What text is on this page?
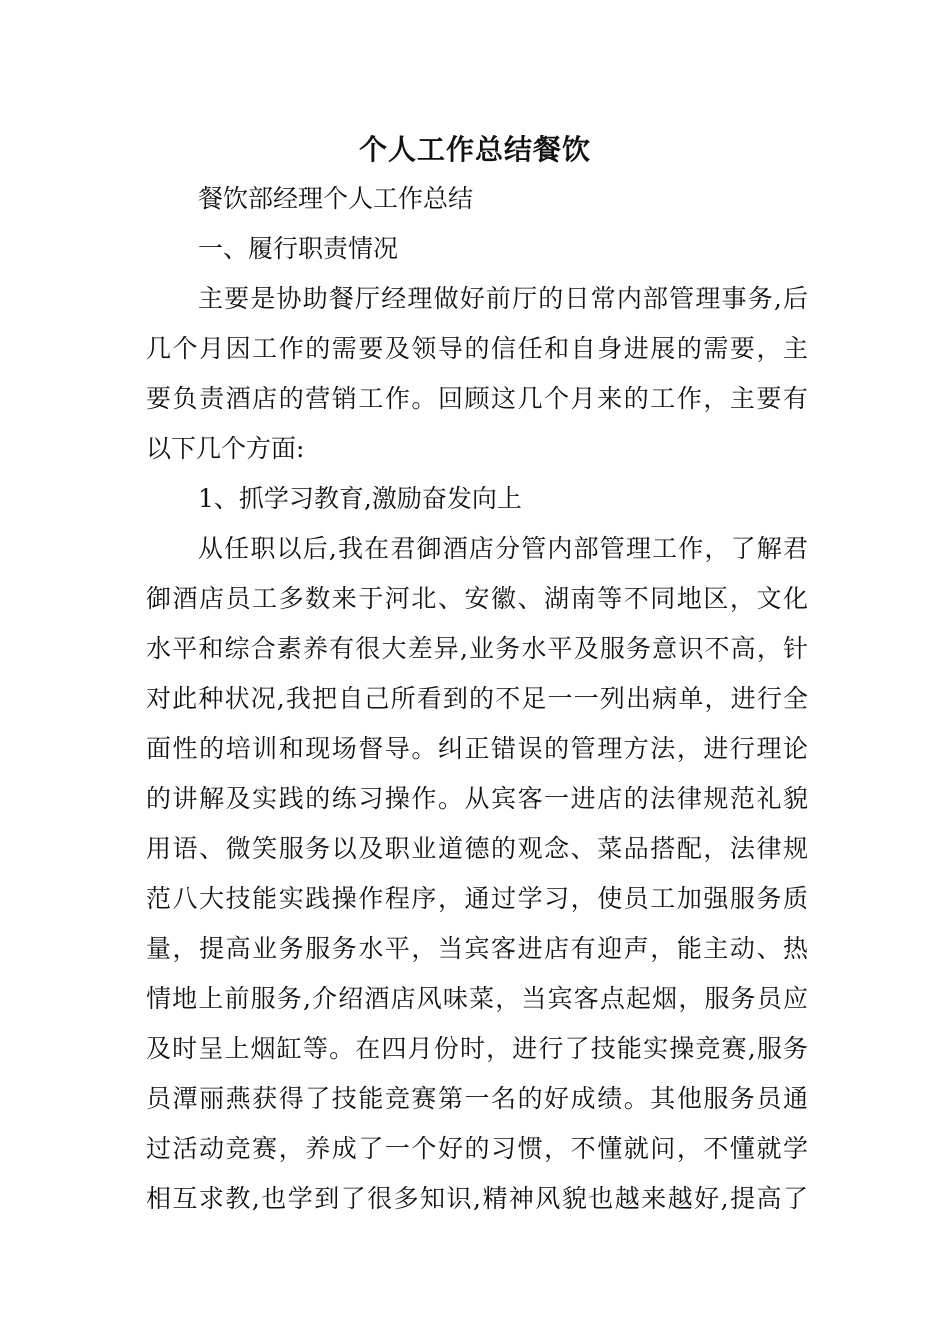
个人工作总结餐饮
餐饮部经理个人工作总结
一、履行职责情况
主要是协助餐厅经理做好前厅的日常内部管理事务,后
几个月因工作的需要及领导的信任和自身进展的需要，主
要负责酒店的营销工作。回顾这几个月来的工作，主要有
以下几个方面:
1、抓学习教育,激励奋发向上
从任职以后,我在君御酒店分管内部管理工作，了解君
御酒店员工多数来于河北、安徽、湖南等不同地区，文化
水平和综合素养有很大差异,业务水平及服务意识不高，针
对此种状况,我把自己所看到的不足一一列出病单，进行全
面性的培训和现场督导。纠正错误的管理方法，进行理论
的讲解及实践的练习操作。从宾客一进店的法律规范礼貌
用语、微笑服务以及职业道德的观念、菜品搭配，法律规
范八大技能实践操作程序，通过学习，使员工加强服务质
量，提高业务服务水平，当宾客进店有迎声，能主动、热
情地上前服务,介绍酒店风味菜，当宾客点起烟，服务员应
及时呈上烟缸等。在四月份时，进行了技能实操竞赛,服务
员潭丽燕获得了技能竞赛第一名的好成绩。其他服务员通
过活动竞赛，养成了一个好的习惯，不懂就问，不懂就学
相互求教,也学到了很多知识,精神风貌也越来越好,提高了
